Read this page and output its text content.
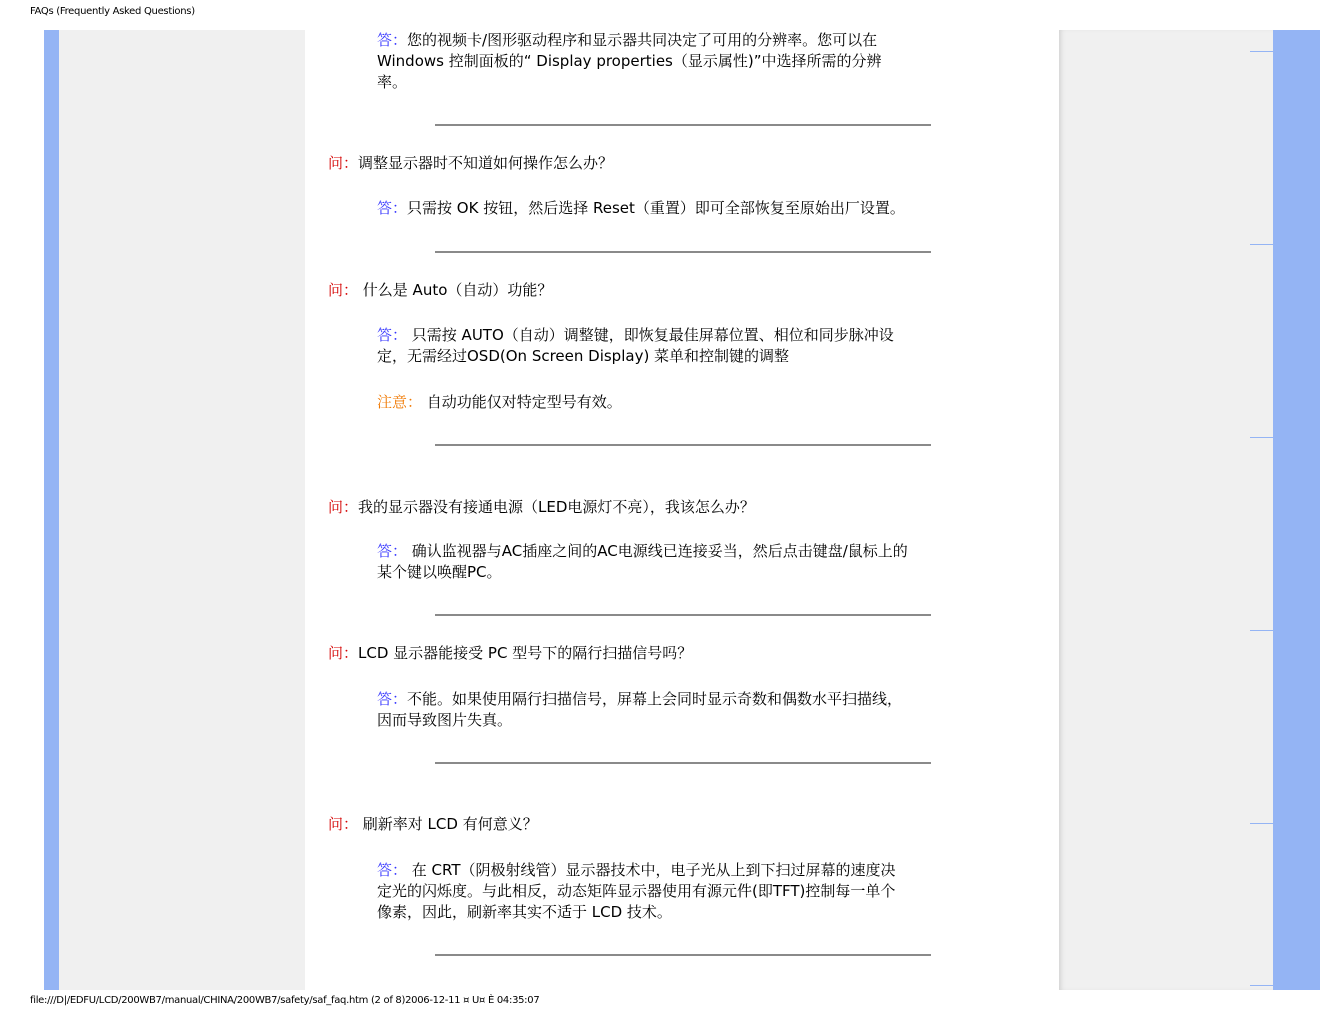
FAQs (Frequently Asked Questions)
答：您的视频卡/图形驱动程序和显示器共同决定了可用的分辨率。您可以在
Windows 控制面板的“ Display properties（显示属性)”中选择所需的分辨
率。
问：调整显示器时不知道如何操作怎么办？
答：只需按 OK 按钮，然后选择 Reset（重置）即可全部恢复至原始出厂设置。
问： 什么是 Auto（自动）功能？
答： 只需按 AUTO（自动）调整键，即恢复最佳屏幕位置、相位和同步脉冲设
定，无需经过OSD(On Screen Display) 菜单和控制键的调整
注意： 自动功能仅对特定型号有效。
问：我的显示器没有接通电源（LED电源灯不亮），我该怎么办？
答： 确认监视器与AC插座之间的AC电源线已连接妥当，然后点击键盘/鼠标上的
某个键以唤醒PC。
问：LCD 显示器能接受 PC 型号下的隔行扫描信号吗？
答：不能。如果使用隔行扫描信号，屏幕上会同时显示奇数和偶数水平扫描线，
因而导致图片失真。
问： 刷新率对 LCD 有何意义？
答： 在 CRT（阴极射线管）显示器技术中，电子光从上到下扫过屏幕的速度决
定光的闪烁度。与此相反，动态矩阵显示器使用有源元件(即TFT)控制每一单个
像素，因此，刷新率其实不适于 LCD 技术。
file:///D|/EDFU/LCD/200WB7/manual/CHINA/200WB7/safety/saf_faq.htm (2 of 8)2006-12-11 ¤ U¤ È 04:35:07
